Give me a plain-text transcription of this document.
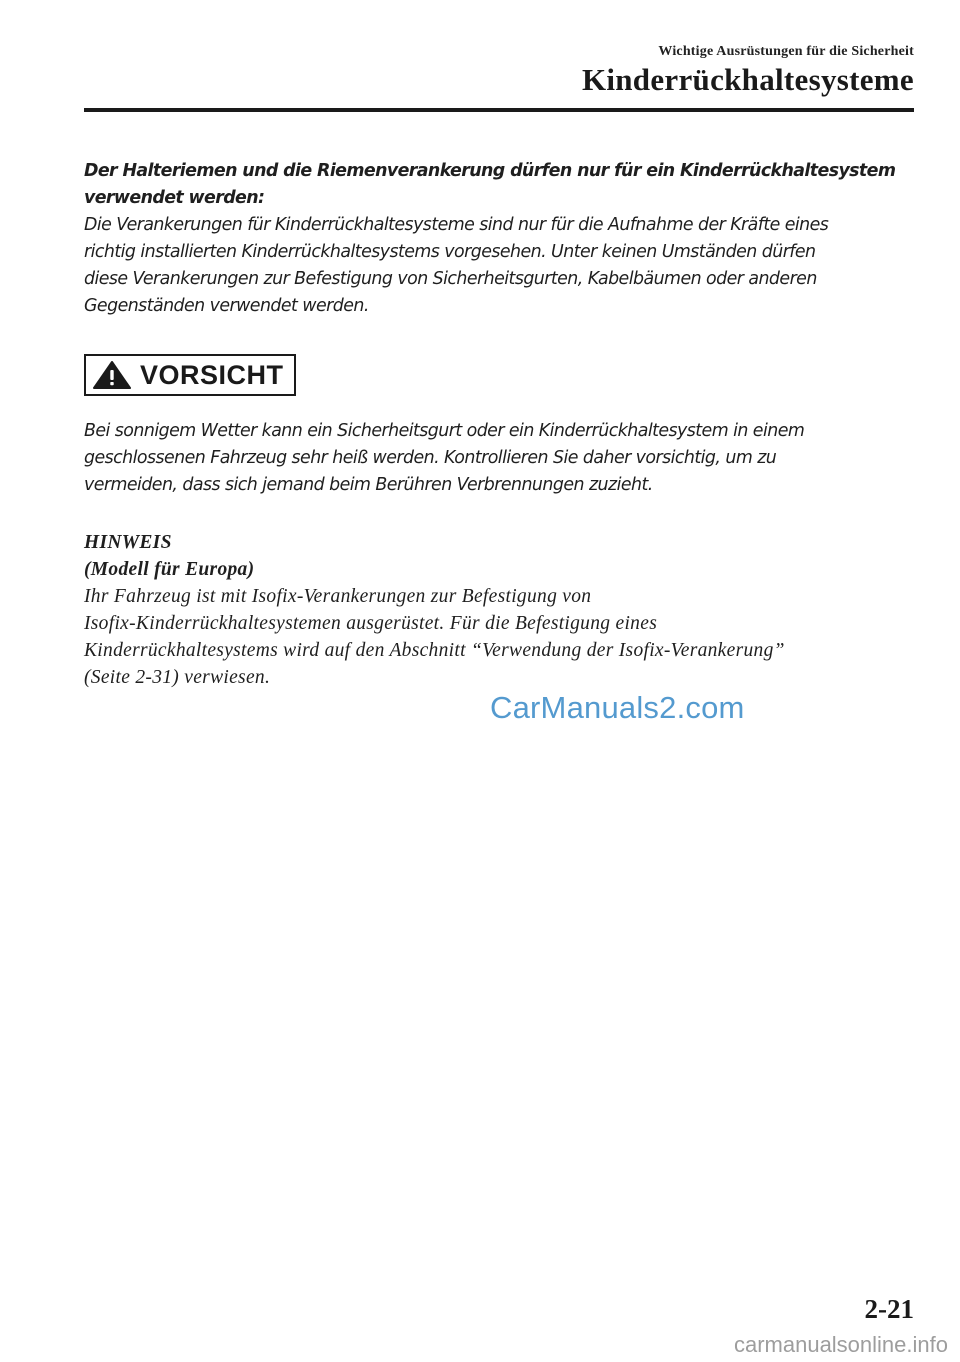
Wichtige Ausrüstungen für die Sicherheit
Kinderrückhaltesysteme

Der Halteriemen und die Riemenverankerung dürfen nur für ein Kinderrückhaltesystem
verwendet werden:

Die Verankerungen für Kinderrückhaltesysteme sind nur für die Aufnahme der Kräfte eines
richtig installierten Kinderrückhaltesystems vorgesehen. Unter keinen Umständen dürfen
diese Verankerungen zur Befestigung von Sicherheitsgurten, Kabelbäumen oder anderen
Gegenständen verwendet werden.

VORSICHT
Bei sonnigem Wetter kann ein Sicherheitsgurt oder ein Kinderrückhaltesystem in einem
geschlossenen Fahrzeug sehr heiß werden. Kontrollieren Sie daher vorsichtig, um zu
vermeiden, dass sich jemand beim Berühren Verbrennungen zuzieht.

HINWEIS

(Modell für Europa)

Ihr Fahrzeug ist mit Isofix-Verankerungen zur Befestigung von
Isofix-Kinderrückhaltesystemen ausgerüstet. Für die Befestigung eines
Kinderrückhaltesystems wird auf den Abschnitt “Verwendung der Isofix-Verankerung”
(Seite 2-31) verwiesen.

CarManuals2.com
2-21
carmanualsonline.info
